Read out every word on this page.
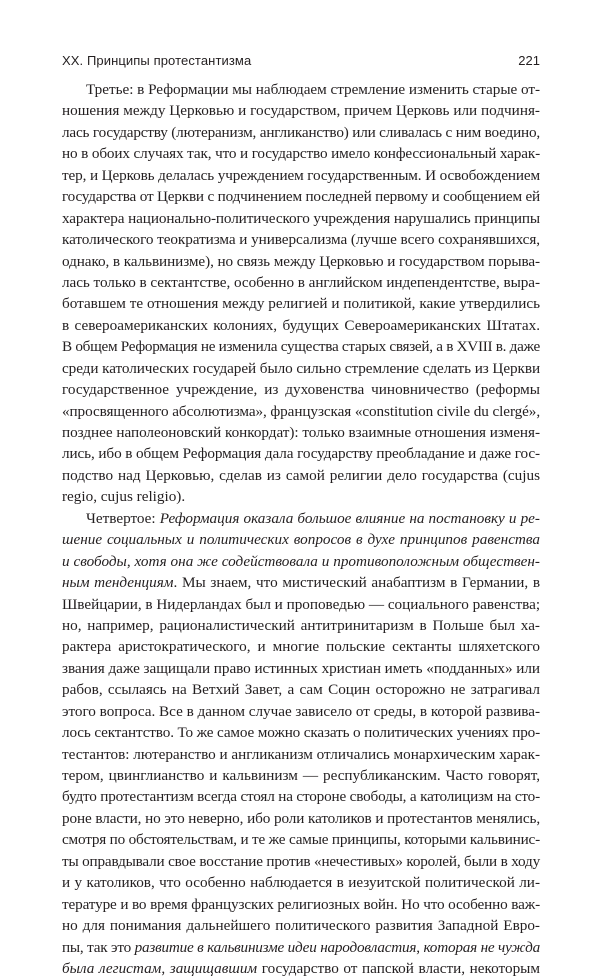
XX. Принципы протестантизма	221
Третье: в Реформации мы наблюдаем стремление изменить старые от-
ношения между Церковью и государством, причем Церковь или подчиня-
лась государству (лютеранизм, англиканство) или сливалась с ним воедино,
но в обоих случаях так, что и государство имело конфессиональный харак-
тер, и Церковь делалась учреждением государственным. И освобождением
государства от Церкви с подчинением последней первому и сообщением ей
характера национально-политического учреждения нарушались принципы
католического теократизма и универсализма (лучше всего сохранявшихся,
однако, в кальвинизме), но связь между Церковью и государством порыва-
лась только в сектантстве, особенно в английском индепендентстве, выра-
ботавшем те отношения между религией и политикой, какие утвердились
в североамериканских колониях, будущих Североамериканских Штатах.
В общем Реформация не изменила существа старых связей, а в XVIII в. даже
среди католических государей было сильно стремление сделать из Церкви
государственное учреждение, из духовенства чиновничество (реформы
«просвященного абсолютизма», французская «constitution civile du clergé»,
позднее наполеоновский конкордат): только взаимные отношения изменя-
лись, ибо в общем Реформация дала государству преобладание и даже гос-
подство над Церковью, сделав из самой религии дело государства (cujus
regio, cujus religio).
Четвертое: Реформация оказала большое влияние на постановку и ре-
шение социальных и политических вопросов в духе принципов равенства
и свободы, хотя она же содействовала и противоположным обществен-
ным тенденциям. Мы знаем, что мистический анабаптизм в Германии, в
Швейцарии, в Нидерландах был и проповедью — социального равенства;
но, например, рационалистический антитринитаризм в Польше был ха-
рактера аристократического, и многие польские сектанты шляхетского
звания даже защищали право истинных христиан иметь «подданных» или
рабов, ссылаясь на Ветхий Завет, а сам Социн осторожно не затрагивал
этого вопроса. Все в данном случае зависело от среды, в которой развива-
лось сектантство. То же самое можно сказать о политических учениях про-
тестантов: лютеранство и англиканизм отличались монархическим харак-
тером, цвинглианство и кальвинизм — республиканским. Часто говорят,
будто протестантизм всегда стоял на стороне свободы, а католицизм на сто-
роне власти, но это неверно, ибо роли католиков и протестантов менялись,
смотря по обстоятельствам, и те же самые принципы, которыми кальвинис-
ты оправдывали свое восстание против «нечестивых» королей, были в ходу
и у католиков, что особенно наблюдается в иезуитской политической ли-
тературе и во время французских религиозных войн. Но что особенно важ-
но для понимания дальнейшего политического развития Западной Евро-
пы, так это развитие в кальвинизме идеи народовластия, которая не чужда
была легистам, защищавшим государство от папской власти, некоторым
